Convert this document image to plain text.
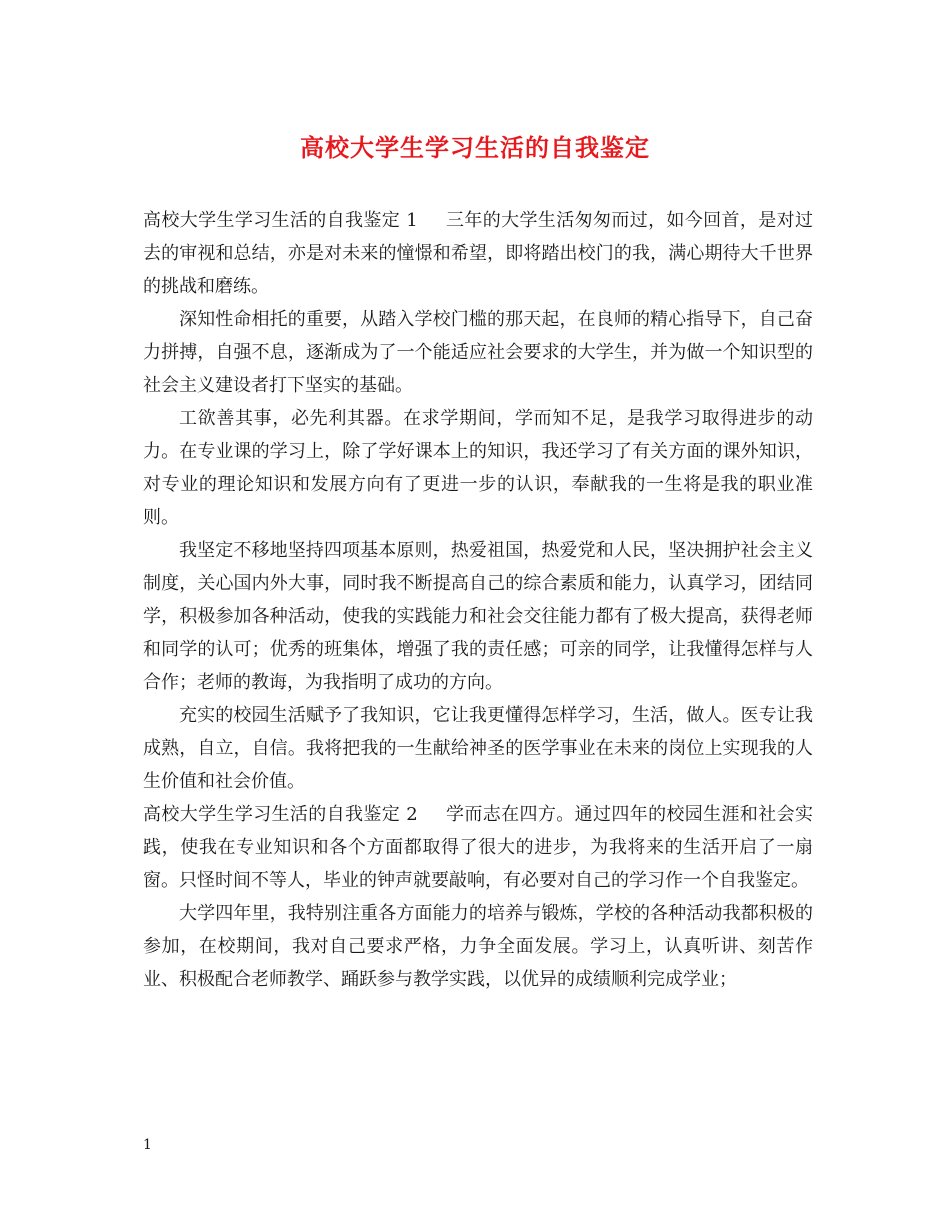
高校大学生学习生活的自我鉴定

高校大学生学习生活的自我鉴定 1 三年的大学生活匆匆而过，如今回首，是对过去的审视和总结，亦是对未来的憧憬和希望，即将踏出校门的我，满心期待大千世界的挑战和磨练。

深知性命相托的重要，从踏入学校门槛的那天起，在良师的精心指导下，自己奋力拼搏，自强不息，逐渐成为了一个能适应社会要求的大学生，并为做一个知识型的社会主义建设者打下坚实的基础。

工欲善其事，必先利其器。在求学期间，学而知不足，是我学习取得进步的动力。在专业课的学习上，除了学好课本上的知识，我还学习了有关方面的课外知识，对专业的理论知识和发展方向有了更进一步的认识，奉献我的一生将是我的职业准则。

我坚定不移地坚持四项基本原则，热爱祖国，热爱党和人民，坚决拥护社会主义制度，关心国内外大事，同时我不断提高自己的综合素质和能力，认真学习，团结同学，积极参加各种活动，使我的实践能力和社会交往能力都有了极大提高，获得老师和同学的认可；优秀的班集体，增强了我的责任感；可亲的同学，让我懂得怎样与人合作；老师的教诲，为我指明了成功的方向。

充实的校园生活赋予了我知识，它让我更懂得怎样学习，生活，做人。医专让我成熟，自立，自信。我将把我的一生献给神圣的医学事业在未来的岗位上实现我的人生价值和社会价值。

高校大学生学习生活的自我鉴定 2 学而志在四方。通过四年的校园生涯和社会实践，使我在专业知识和各个方面都取得了很大的进步，为我将来的生活开启了一扇窗。只怪时间不等人，毕业的钟声就要敲响，有必要对自己的学习作一个自我鉴定。

大学四年里，我特别注重各方面能力的培养与锻炼，学校的各种活动我都积极的参加，在校期间，我对自己要求严格，力争全面发展。学习上，认真听讲、刻苦作业、积极配合老师教学、踊跃参与教学实践，以优异的成绩顺利完成学业；

1
